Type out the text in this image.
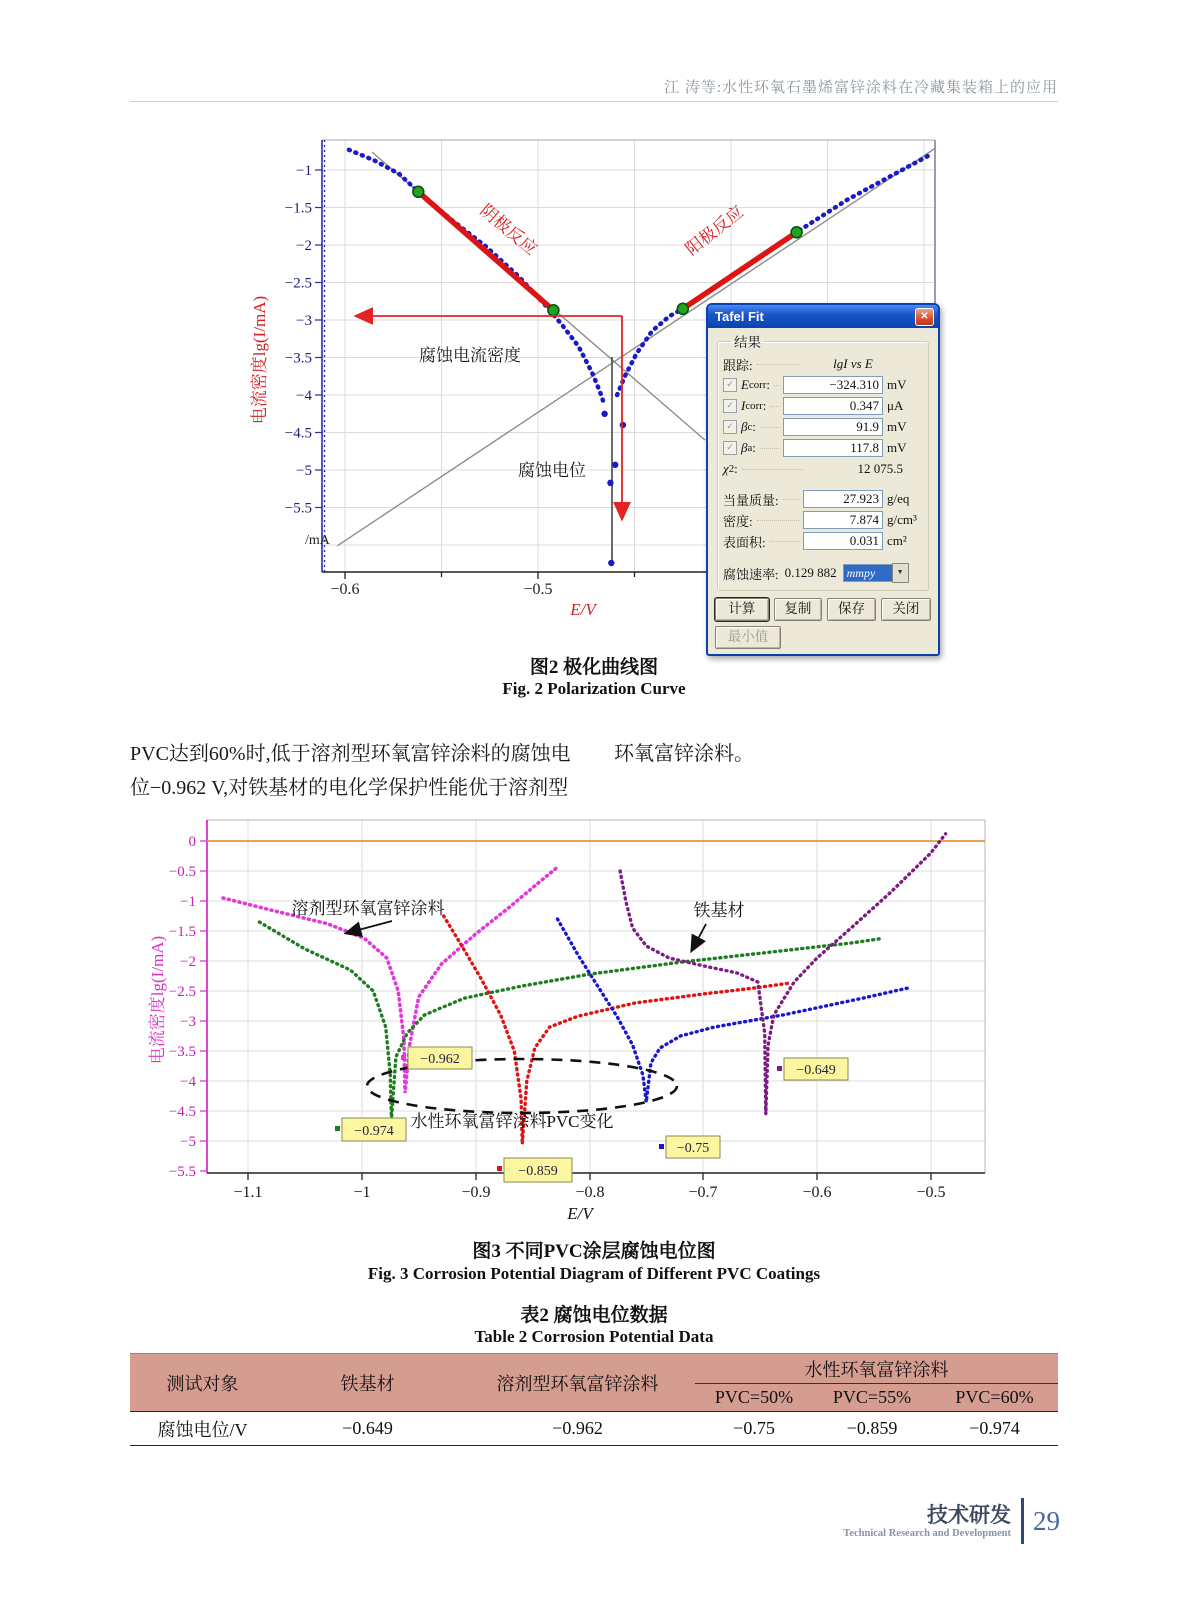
江 涛等:水性环氧石墨烯富锌涂料在冷藏集装箱上的应用
阴极反应	阳极反应
腐蚀电流密度
腐蚀电位
/mA
E/V
电流密度lg(I/mA)
−1
−1.5
−2
−2.5
−3
−3.5
−4
−4.5
−5
−5.5
−0.6	−0.5
Tafel Fit	✕
结果
跟踪:	lgI vs E
✓ E corr :	−324.310 mV
✓ I corr :	0.347 μA
✓ β c :	91.9 mV
✓ β a :	117.8 mV
χ 2 :	12 075.5
当量质量:	27.923 g/eq
密度:	7.874 g/cm³
表面积:	0.031 cm²
腐蚀速率: 0.129 882 mmpy	▼
计算	复制	保存	关闭
最小值
图2 极化曲线图
Fig. 2 Polarization Curve
PVC达到60%时,低于溶剂型环氧富锌涂料的腐蚀电
位−0.962 V,对铁基材的电化学保护性能优于溶剂型
环氧富锌涂料。
溶剂型环氧富锌涂料	铁基材
水性环氧富锌涂料PVC变化
−0.962
−0.974
−0.859
−0.75
−0.649
0
−0.5
−1
−1.5
−2
−2.5
−3
−3.5
−4
−4.5
−5
−5.5
−1.1	−1	−0.9	−0.8	−0.7	−0.6	−0.5
E/V
电流密度lg(I/mA)
图3 不同PVC涂层腐蚀电位图
Fig. 3 Corrosion Potential Diagram of Different PVC Coatings
表2 腐蚀电位数据
Table 2 Corrosion Potential Data
测试对象	铁基材	溶剂型环氧富锌涂料	水性环氧富锌涂料		
			PVC=50%	PVC=55%	PVC=60%
腐蚀电位/V	−0.649	−0.962	−0.75	−0.859	−0.974
技术研发
Technical Research and Development 29
